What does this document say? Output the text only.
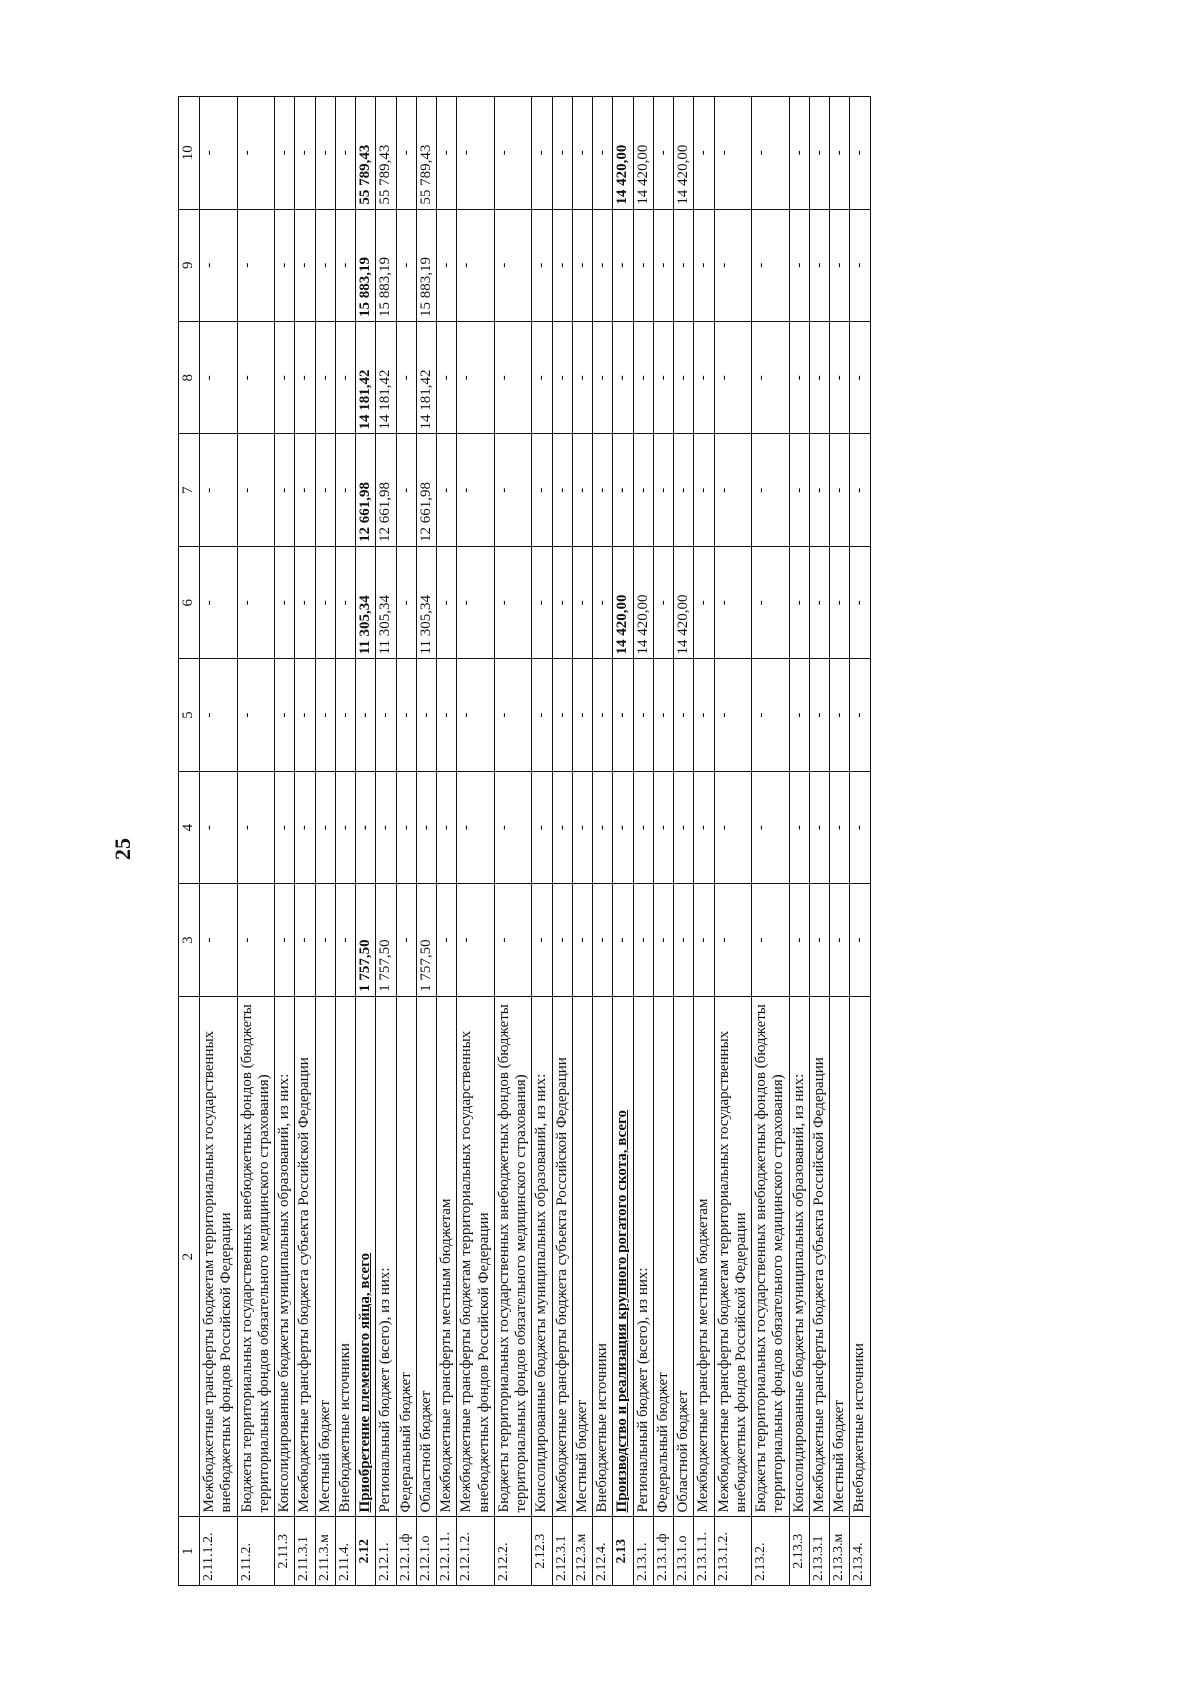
25
1	2	3	4	5	6	7	8	9	10
2.11.1.2.	Межбюджетные трансферты бюджетам территориальных государственных внебюджетных фондов Российской Федерации	-	-	-	-	-	-	-	-
2.11.2.	Бюджеты территориальных государственных внебюджетных фондов (бюджеты территориальных фондов обязательного медицинского страхования)	-	-	-	-	-	-	-	-
2.11.3	Консолидированные бюджеты муниципальных образований, из них:	-	-	-	-	-	-	-	-
2.11.3.1	Межбюджетные трансферты бюджета субъекта Российской Федерации	-	-	-	-	-	-	-	-
2.11.3.м	Местный бюджет	-	-	-	-	-	-	-	-
2.11.4.	Внебюджетные источники	-	-	-	-	-	-	-	-
2.12	Приобретение племенного яйца, всего	1 757,50	-	-	11 305,34	12 661,98	14 181,42	15 883,19	55 789,43
2.12.1.	Региональный бюджет (всего), из них:	1 757,50	-	-	11 305,34	12 661,98	14 181,42	15 883,19	55 789,43
2.12.1.ф	Федеральный бюджет	-	-	-	-	-	-	-	-
2.12.1.о	Областной бюджет	1 757,50	-	-	11 305,34	12 661,98	14 181,42	15 883,19	55 789,43
2.12.1.1.	Межбюджетные трансферты местным бюджетам	-	-	-	-	-	-	-	-
2.12.1.2.	Межбюджетные трансферты бюджетам территориальных государственных внебюджетных фондов Российской Федерации	-	-	-	-	-	-	-	-
2.12.2.	Бюджеты территориальных государственных внебюджетных фондов (бюджеты территориальных фондов обязательного медицинского страхования)	-	-	-	-	-	-	-	-
2.12.3	Консолидированные бюджеты муниципальных образований, из них:	-	-	-	-	-	-	-	-
2.12.3.1	Межбюджетные трансферты бюджета субъекта Российской Федерации	-	-	-	-	-	-	-	-
2.12.3.м	Местный бюджет	-	-	-	-	-	-	-	-
2.12.4.	Внебюджетные источники	-	-	-	-	-	-	-	-
2.13	Производство и реализация крупного рогатого скота, всего	-	-	-	14 420,00	-	-	-	14 420,00
2.13.1.	Региональный бюджет (всего), из них:	-	-	-	14 420,00	-	-	-	14 420,00
2.13.1.ф	Федеральный бюджет	-	-	-	-	-	-	-	-
2.13.1.о	Областной бюджет	-	-	-	14 420,00	-	-	-	14 420,00
2.13.1.1.	Межбюджетные трансферты местным бюджетам	-	-	-	-	-	-	-	-
2.13.1.2.	Межбюджетные трансферты бюджетам территориальных государственных внебюджетных фондов Российской Федерации	-	-	-	-	-	-	-	-
2.13.2.	Бюджеты территориальных государственных внебюджетных фондов (бюджеты территориальных фондов обязательного медицинского страхования)	-	-	-	-	-	-	-	-
2.13.3	Консолидированные бюджеты муниципальных образований, из них:	-	-	-	-	-	-	-	-
2.13.3.1	Межбюджетные трансферты бюджета субъекта Российской Федерации	-	-	-	-	-	-	-	-
2.13.3.м	Местный бюджет	-	-	-	-	-	-	-	-
2.13.4.	Внебюджетные источники	-	-	-	-	-	-	-	-
